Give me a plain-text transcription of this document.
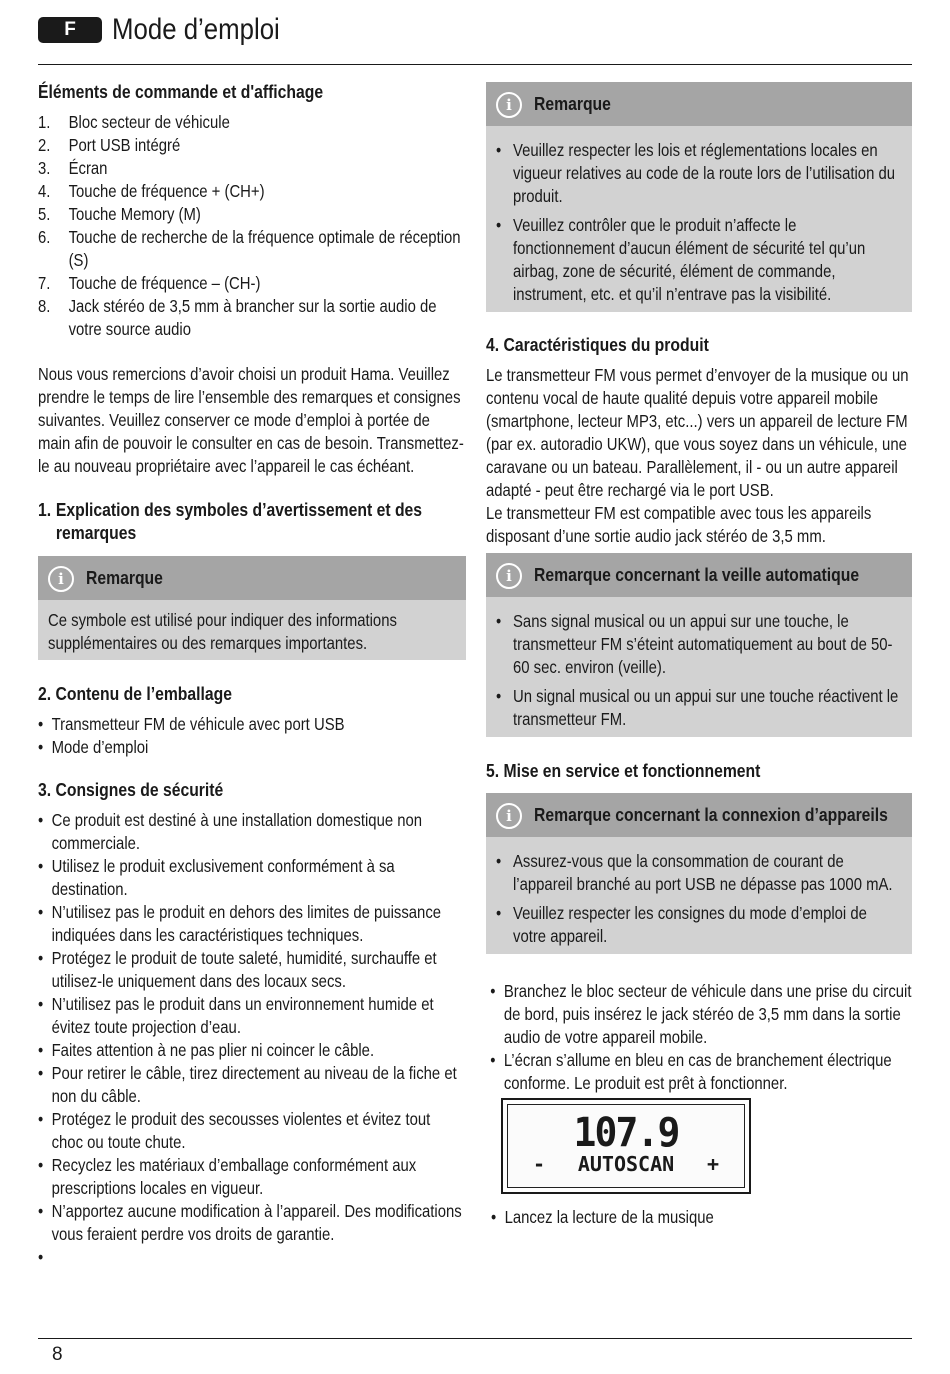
F	Mode d’emploi

Éléments de commande et d'affichage

1. Bloc secteur de véhicule
2. Port USB intégré
3. Écran
4. Touche de fréquence + (CH+)
5. Touche Memory (M)
6. Touche de recherche de la fréquence optimale de réception (S)
7. Touche de fréquence – (CH-)
8. Jack stéréo de 3,5 mm à brancher sur la sortie audio de votre source audio

Nous vous remercions d’avoir choisi un produit Hama. Veuillez prendre le temps de lire l’ensemble des remarques et consignes suivantes. Veuillez conserver ce mode d’emploi à portée de main afin de pouvoir le consulter en cas de besoin. Transmettez-le au nouveau propriétaire avec l’appareil le cas échéant.

1. Explication des symboles d’avertissement et des remarques

i	Remarque

Ce symbole est utilisé pour indiquer des informations supplémentaires ou des remarques importantes.

2. Contenu de l’emballage

• Transmetteur FM de véhicule avec port USB
• Mode d’emploi

3. Consignes de sécurité

• Ce produit est destiné à une installation domestique non commerciale.
• Utilisez le produit exclusivement conformément à sa destination.
• N’utilisez pas le produit en dehors des limites de puissance indiquées dans les caractéristiques techniques.
• Protégez le produit de toute saleté, humidité, surchauffe et utilisez-le uniquement dans des locaux secs.
• N’utilisez pas le produit dans un environnement humide et évitez toute projection d’eau.
• Faites attention à ne pas plier ni coincer le câble.
• Pour retirer le câble, tirez directement au niveau de la fiche et non du câble.
• Protégez le produit des secousses violentes et évitez tout choc ou toute chute.
• Recyclez les matériaux d’emballage conformément aux prescriptions locales en vigueur.
• N’apportez aucune modification à l’appareil. Des modifications vous feraient perdre vos droits de garantie.
i	Remarque
• Veuillez respecter les lois et réglementations locales en vigueur relatives au code de la route lors de l’utilisation du produit.
• Veuillez contrôler que le produit n’affecte le fonctionnement d’aucun élément de sécurité tel qu’un airbag, zone de sécurité, élément de commande, instrument, etc. et qu’il n’entrave pas la visibilité.

4. Caractéristiques du produit

Le transmetteur FM vous permet d’envoyer de la musique ou un contenu vocal de haute qualité depuis votre appareil mobile (smartphone, lecteur MP3, etc...) vers un appareil de lecture FM (par ex. autoradio UKW), que vous soyez dans un véhicule, une caravane ou un bateau. Parallèlement, il - ou un autre appareil adapté - peut être rechargé via le port USB.

Le transmetteur FM est compatible avec tous les appareils disposant d’une sortie audio jack stéréo de 3,5 mm.

i	Remarque concernant la veille automatique
• Sans signal musical ou un appui sur une touche, le transmetteur FM s’éteint automatiquement au bout de 50-60 sec. environ (veille).
• Un signal musical ou un appui sur une touche réactivent le transmetteur FM.

5. Mise en service et fonctionnement

i	Remarque concernant la connexion d’appareils
• Assurez-vous que la consommation de courant de l’appareil branché au port USB ne dépasse pas 1000 mA.
• Veuillez respecter les consignes du mode d’emploi de votre appareil.
• Branchez le bloc secteur de véhicule dans une prise du circuit de bord, puis insérez le jack stéréo de 3,5 mm dans la sortie audio de votre appareil mobile.
• L’écran s’allume en bleu en cas de branchement électrique conforme. Le produit est prêt à fonctionner.
107.9
- AUTOSCAN +
• Lancez la lecture de la musique
8
